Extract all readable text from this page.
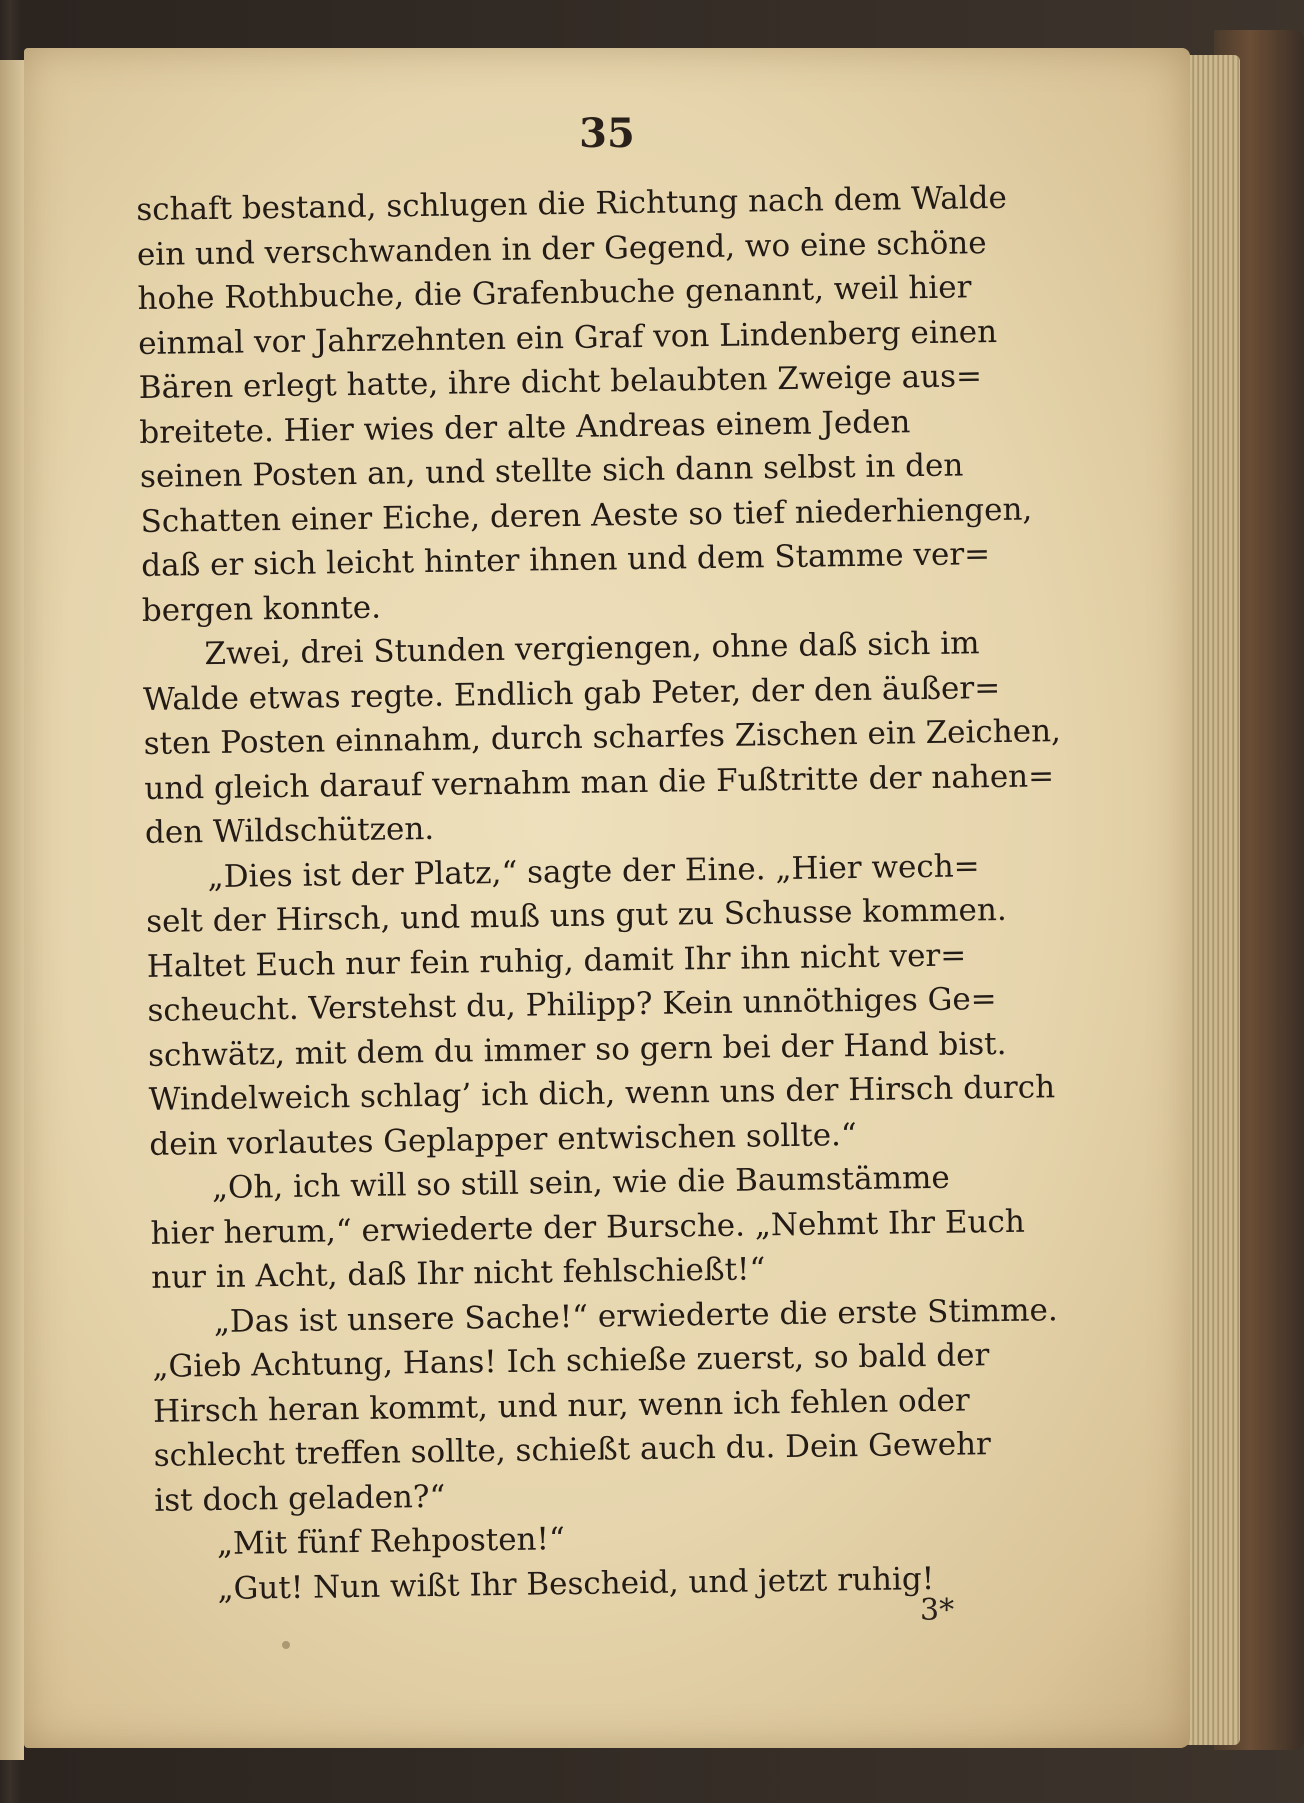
35
schaft bestand, schlugen die Richtung nach dem Walde
ein und verschwanden in der Gegend, wo eine schöne
hohe Rothbuche, die Grafenbuche genannt, weil hier
einmal vor Jahrzehnten ein Graf von Lindenberg einen
Bären erlegt hatte, ihre dicht belaubten Zweige aus=
breitete. Hier wies der alte Andreas einem Jeden
seinen Posten an, und stellte sich dann selbst in den
Schatten einer Eiche, deren Aeste so tief niederhiengen,
daß er sich leicht hinter ihnen und dem Stamme ver=
bergen konnte.
Zwei, drei Stunden vergiengen, ohne daß sich im
Walde etwas regte. Endlich gab Peter, der den äußer=
sten Posten einnahm, durch scharfes Zischen ein Zeichen,
und gleich darauf vernahm man die Fußtritte der nahen=
den Wildschützen.
„Dies ist der Platz,“ sagte der Eine. „Hier wech=
selt der Hirsch, und muß uns gut zu Schusse kommen.
Haltet Euch nur fein ruhig, damit Ihr ihn nicht ver=
scheucht. Verstehst du, Philipp? Kein unnöthiges Ge=
schwätz, mit dem du immer so gern bei der Hand bist.
Windelweich schlag’ ich dich, wenn uns der Hirsch durch
dein vorlautes Geplapper entwischen sollte.“
„Oh, ich will so still sein, wie die Baumstämme
hier herum,“ erwiederte der Bursche. „Nehmt Ihr Euch
nur in Acht, daß Ihr nicht fehlschießt!“
„Das ist unsere Sache!“ erwiederte die erste Stimme.
„Gieb Achtung, Hans! Ich schieße zuerst, so bald der
Hirsch heran kommt, und nur, wenn ich fehlen oder
schlecht treffen sollte, schießt auch du. Dein Gewehr
ist doch geladen?“
„Mit fünf Rehposten!“
„Gut! Nun wißt Ihr Bescheid, und jetzt ruhig!
3*
